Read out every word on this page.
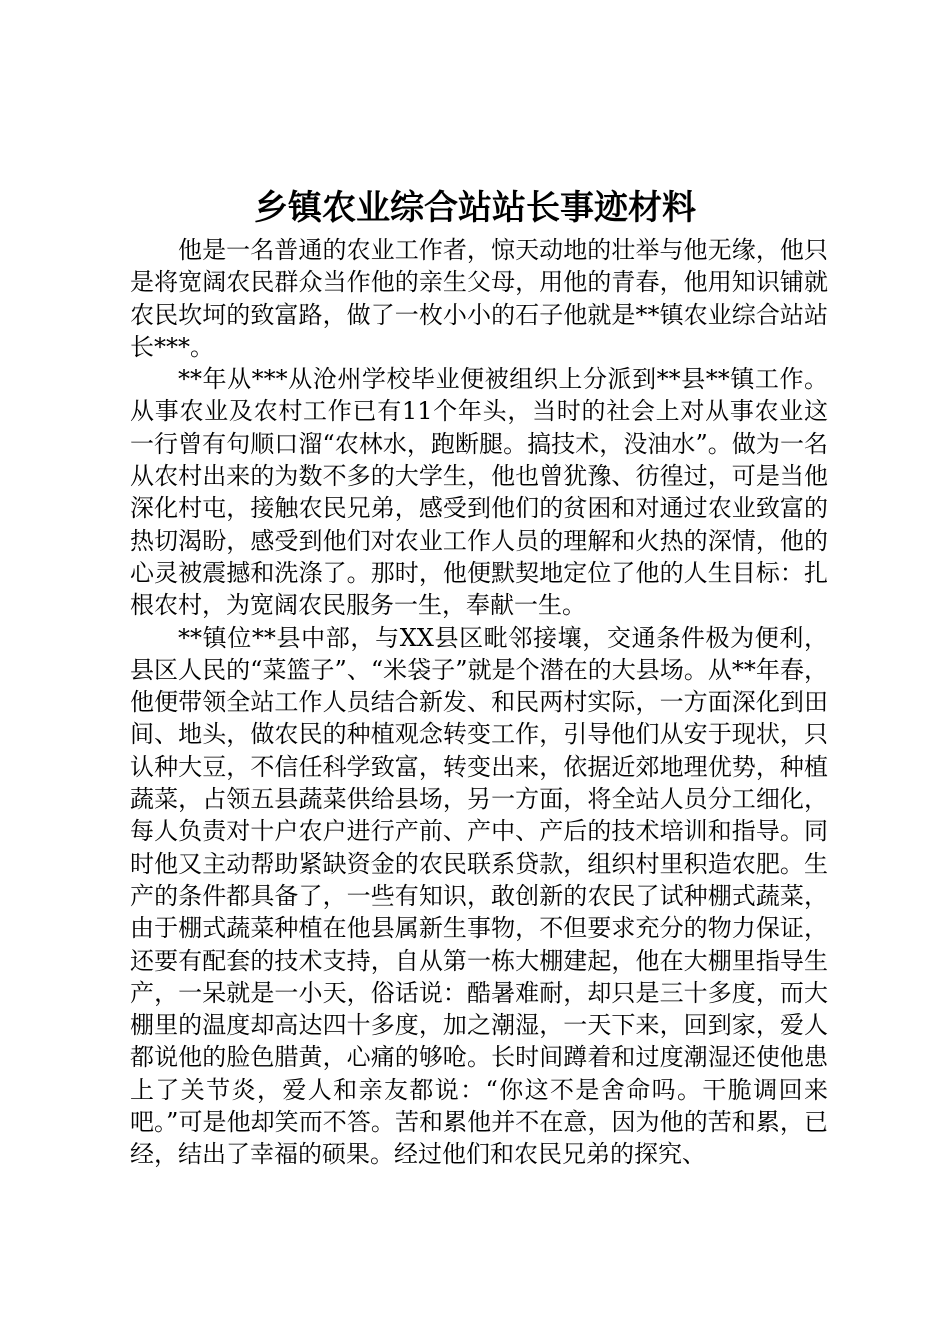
乡镇农业综合站站长事迹材料

他是一名普通的农业工作者，惊天动地的壮举与他无缘，他只是将宽阔农民群众当作他的亲生父母，用他的青春，他用知识铺就农民坎坷的致富路，做了一枚小小的石子他就是**镇农业综合站站长***。

**年从***从沧州学校毕业便被组织上分派到**县**镇工作。从事农业及农村工作已有11个年头，当时的社会上对从事农业这一行曾有句顺口溜“农林水，跑断腿。搞技术，没油水”。做为一名从农村出来的为数不多的大学生，他也曾犹豫、彷徨过，可是当他深化村屯，接触农民兄弟，感受到他们的贫困和对通过农业致富的热切渴盼，感受到他们对农业工作人员的理解和火热的深情，他的心灵被震撼和洗涤了。那时，他便默契地定位了他的人生目标：扎根农村，为宽阔农民服务一生，奉献一生。

**镇位**县中部，与XX县区毗邻接壤，交通条件极为便利，县区人民的“菜篮子”、“米袋子”就是个潜在的大县场。从**年春，他便带领全站工作人员结合新发、和民两村实际，一方面深化到田间、地头，做农民的种植观念转变工作，引导他们从安于现状，只认种大豆，不信任科学致富，转变出来，依据近郊地理优势，种植蔬菜，占领五县蔬菜供给县场，另一方面，将全站人员分工细化，每人负责对十户农户进行产前、产中、产后的技术培训和指导。同时他又主动帮助紧缺资金的农民联系贷款，组织村里积造农肥。生产的条件都具备了，一些有知识，敢创新的农民了试种棚式蔬菜，由于棚式蔬菜种植在他县属新生事物，不但要求充分的物力保证，还要有配套的技术支持，自从第一栋大棚建起，他在大棚里指导生产，一呆就是一小天，俗话说：酷暑难耐，却只是三十多度，而大棚里的温度却高达四十多度，加之潮湿，一天下来，回到家，爱人都说他的脸色腊黄，心痛的够呛。长时间蹲着和过度潮湿还使他患上了关节炎，爱人和亲友都说：“你这不是舍命吗。干脆调回来吧。”可是他却笑而不答。苦和累他并不在意，因为他的苦和累，已经，结出了幸福的硕果。经过他们和农民兄弟的探究、
